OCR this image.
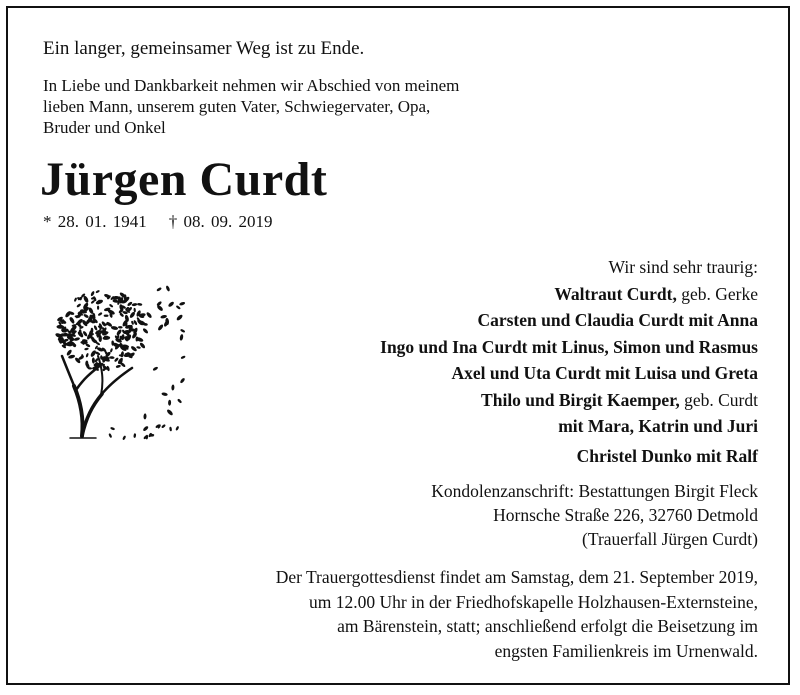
Ein langer, gemeinsamer Weg ist zu Ende.
In Liebe und Dankbarkeit nehmen wir Abschied von meinem
lieben Mann, unserem guten Vater, Schwiegervater, Opa,
Bruder und Onkel
Jürgen Curdt
* 28. 01. 1941 † 08. 09. 2019
Wir sind sehr traurig:
Waltraut Curdt, geb. Gerke
Carsten und Claudia Curdt mit Anna
Ingo und Ina Curdt mit Linus, Simon und Rasmus
Axel und Uta Curdt mit Luisa und Greta
Thilo und Birgit Kaemper, geb. Curdt
mit Mara, Katrin und Juri
Christel Dunko mit Ralf
Kondolenzanschrift: Bestattungen Birgit Fleck
Hornsche Straße 226, 32760 Detmold
(Trauerfall Jürgen Curdt)
Der Trauergottesdienst findet am Samstag, dem 21. September 2019,
um 12.00 Uhr in der Friedhofskapelle Holzhausen-Externsteine,
am Bärenstein, statt; anschließend erfolgt die Beisetzung im
engsten Familienkreis im Urnenwald.
